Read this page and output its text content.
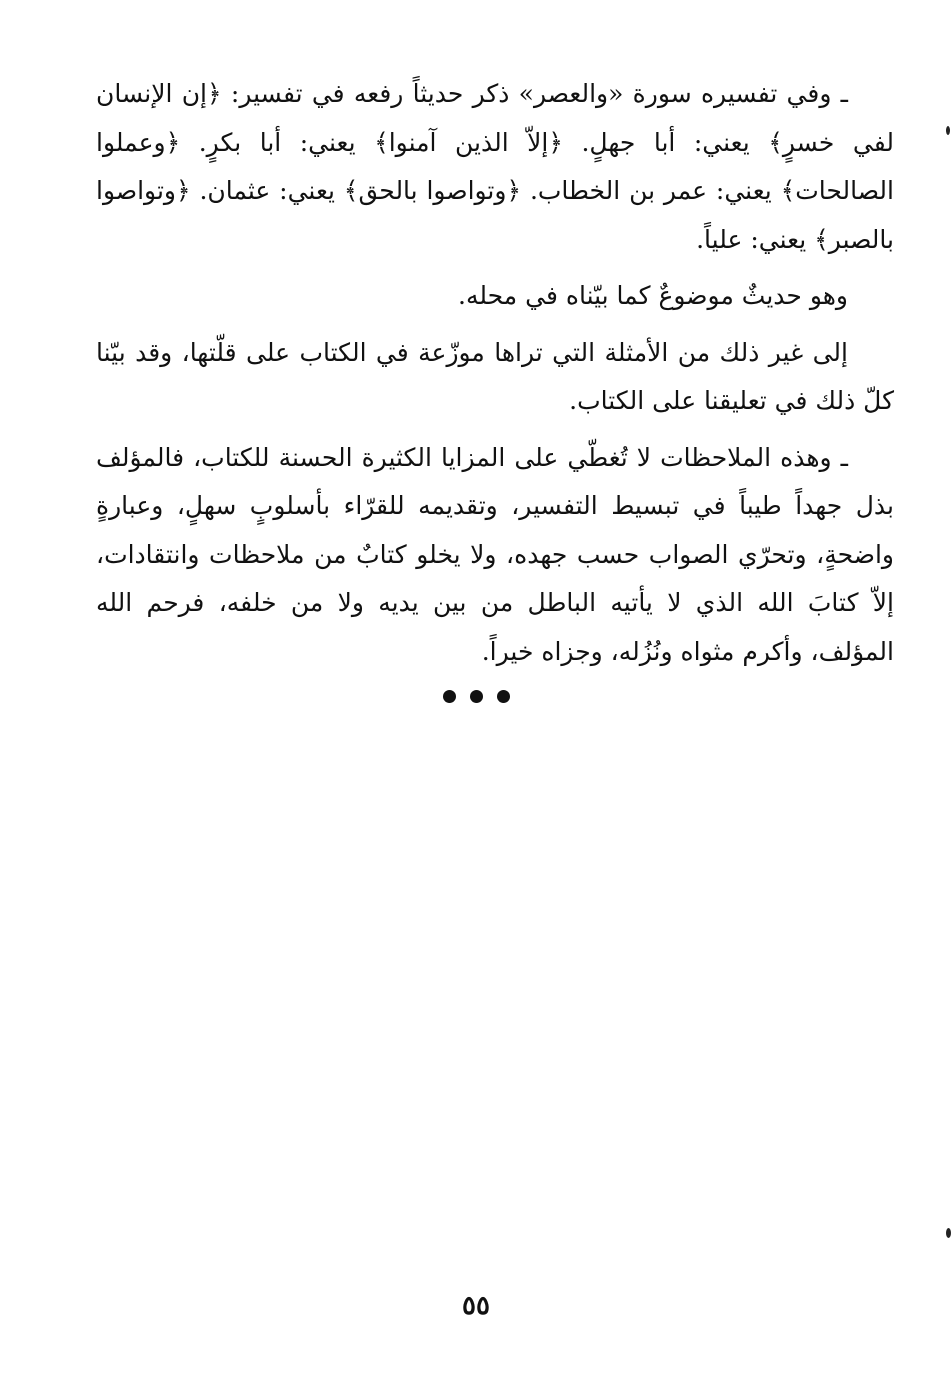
ـ وفي تفسيره سورة «والعصر» ذكر حديثاً رفعه في تفسير: ﴿إن الإنسان لفي خسرٍ﴾ يعني: أبا جهلٍ. ﴿إلاّ الذين آمنوا﴾ يعني: أبا بكرٍ. ﴿وعملوا الصالحات﴾ يعني: عمر بن الخطاب. ﴿وتواصوا بالحق﴾ يعني: عثمان. ﴿وتواصوا بالصبر﴾ يعني: علياً.

وهو حديثٌ موضوعٌ كما بيّناه في محله.

إلى غير ذلك من الأمثلة التي تراها موزّعة في الكتاب على قلّتها، وقد بيّنا كلّ ذلك في تعليقنا على الكتاب.

ـ وهذه الملاحظات لا تُغطّي على المزايا الكثيرة الحسنة للكتاب، فالمؤلف بذل جهداً طيباً في تبسيط التفسير، وتقديمه للقرّاء بأسلوبٍ سهلٍ، وعبارةٍ واضحةٍ، وتحرّي الصواب حسب جهده، ولا يخلو كتابٌ من ملاحظات وانتقادات، إلاّ كتابَ الله الذي لا يأتيه الباطل من بين يديه ولا من خلفه، فرحم الله المؤلف، وأكرم مثواه ونُزُله، وجزاه خيراً.

٥٥
